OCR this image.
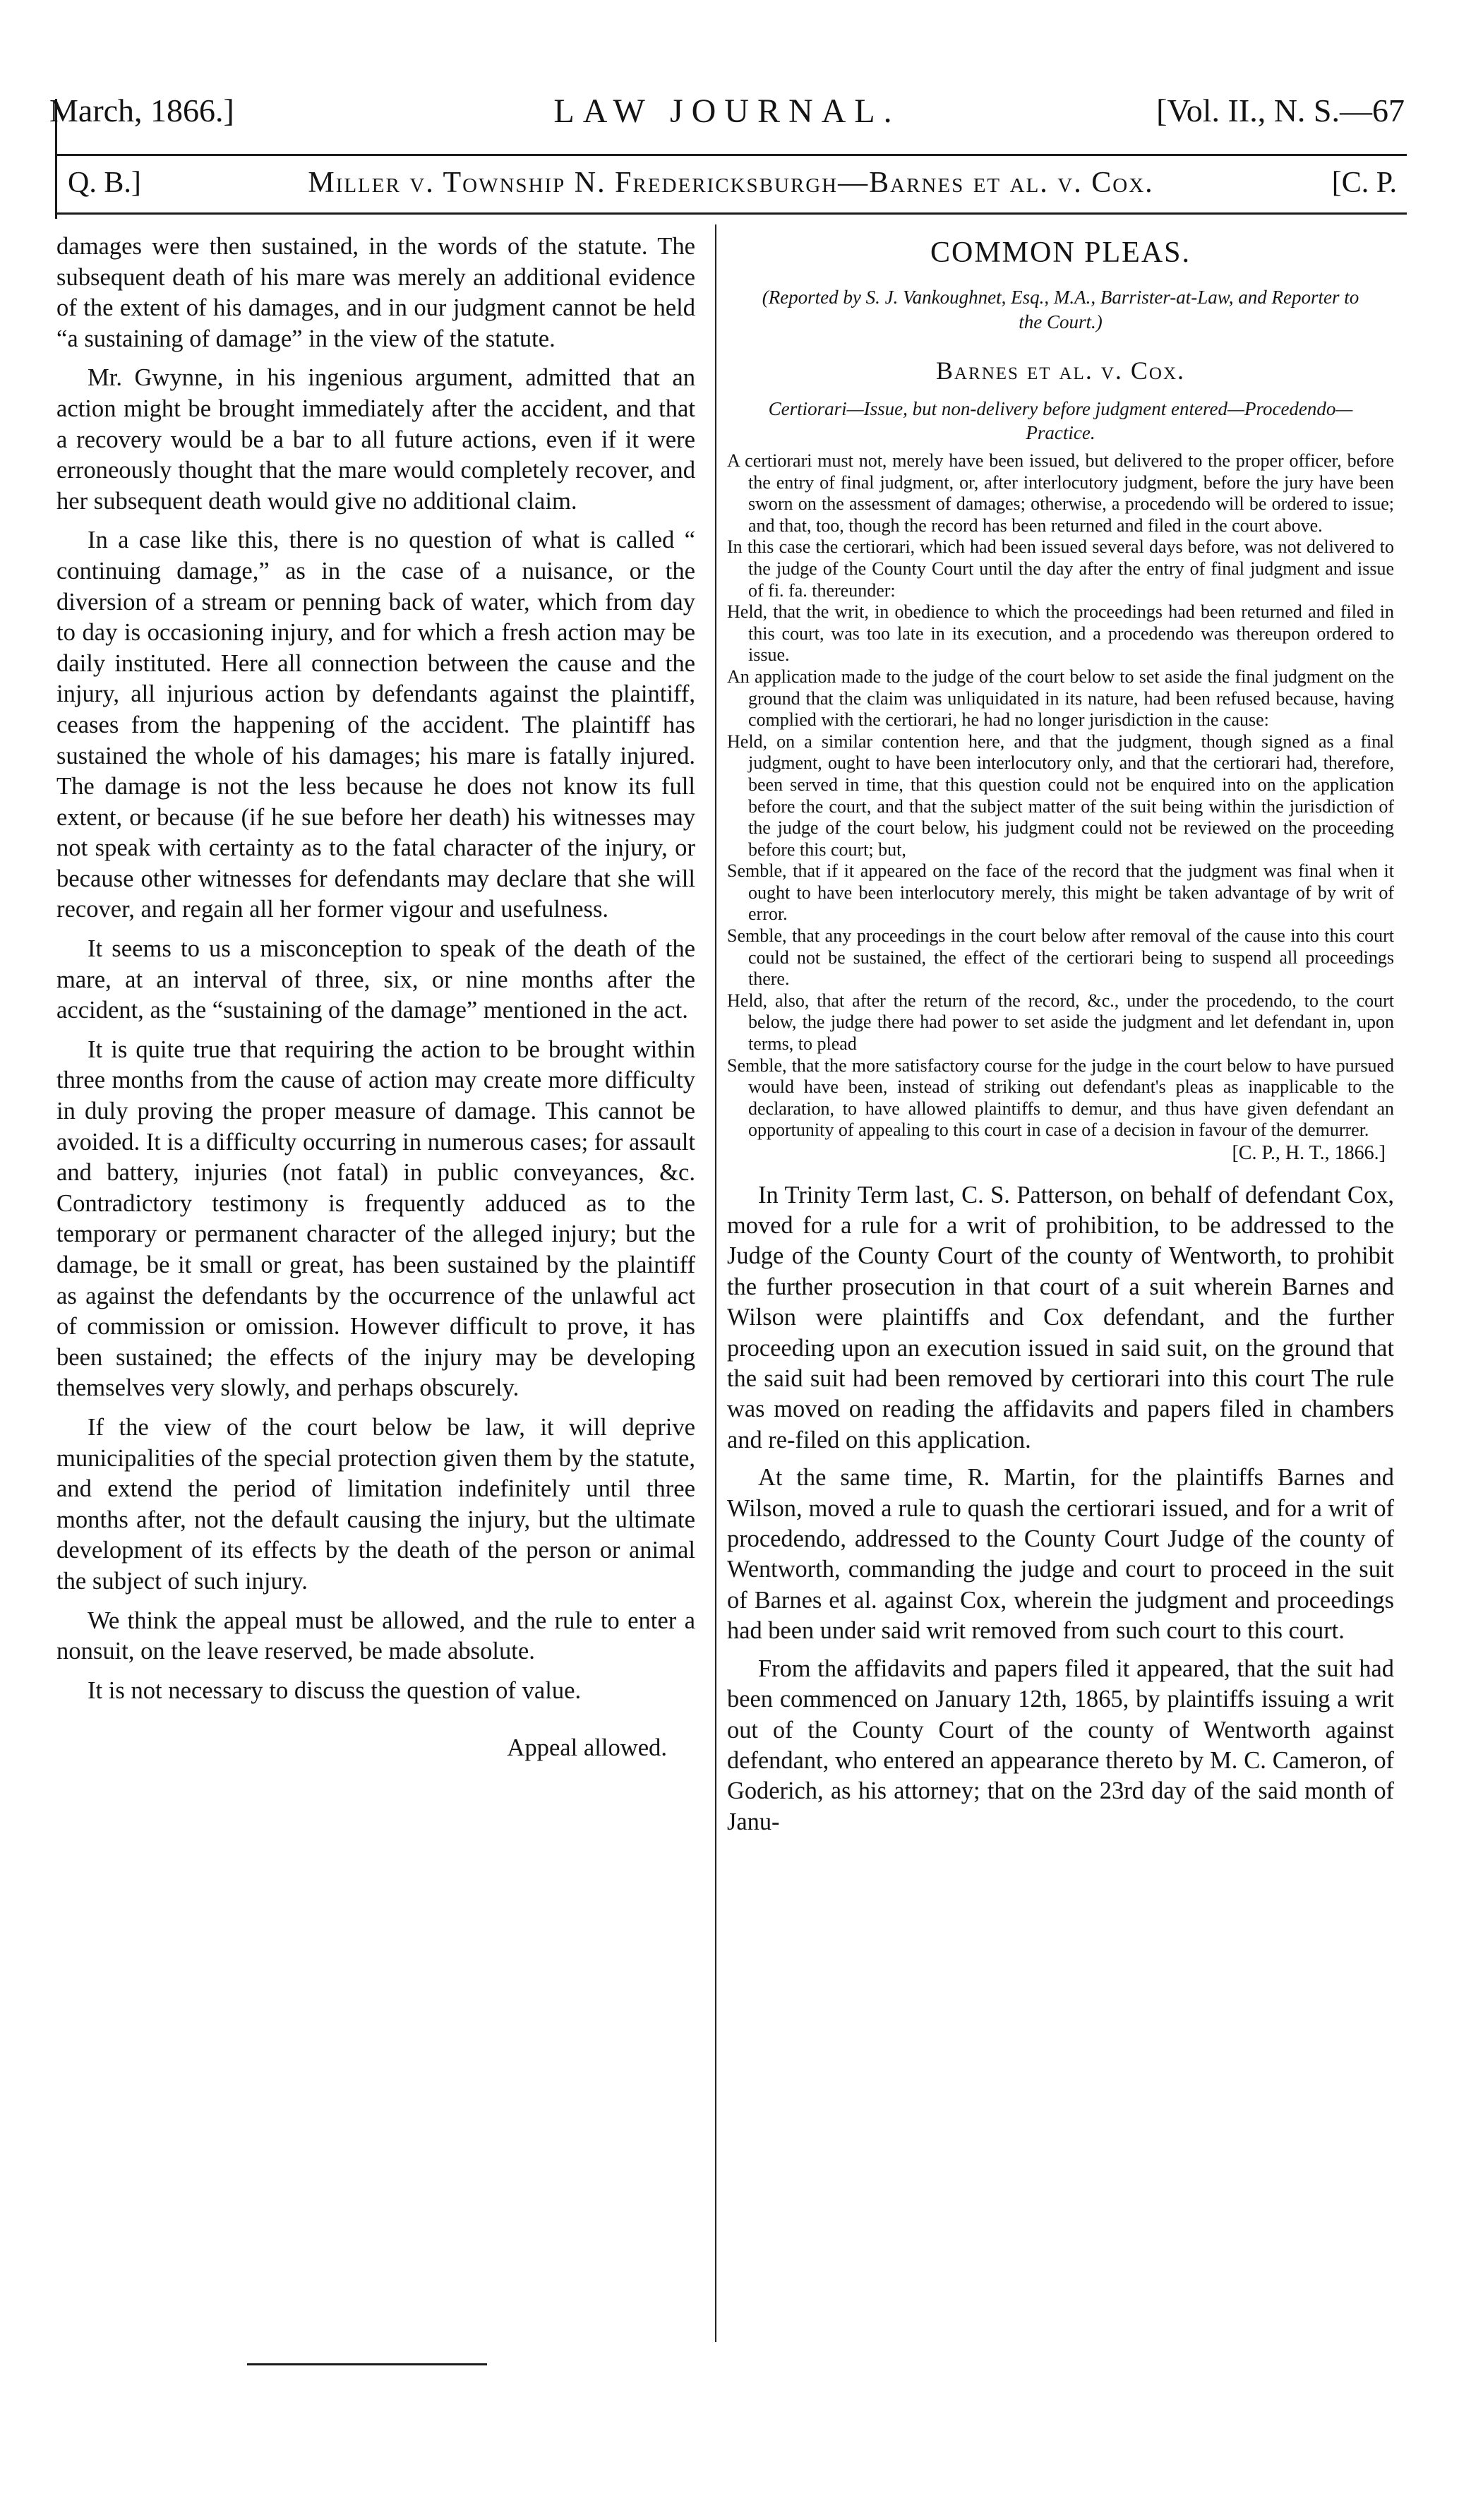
March, 1866.]	LAW JOURNAL.	[Vol. II., N. S.—67
Q. B.]	Miller v. Township N. Fredericksburgh—Barnes et al. v. Cox.	[C. P.

damages were then sustained, in the words of the statute. The subsequent death of his mare was merely an additional evidence of the extent of his damages, and in our judgment cannot be held “a sustaining of damage” in the view of the statute.

Mr. Gwynne, in his ingenious argument, admitted that an action might be brought immediately after the accident, and that a recovery would be a bar to all future actions, even if it were erroneously thought that the mare would completely recover, and her subsequent death would give no additional claim.

In a case like this, there is no question of what is called “ continuing damage,” as in the case of a nuisance, or the diversion of a stream or penning back of water, which from day to day is occasioning injury, and for which a fresh action may be daily instituted. Here all connection between the cause and the injury, all injurious action by defendants against the plaintiff, ceases from the happening of the accident. The plaintiff has sustained the whole of his damages; his mare is fatally injured. The damage is not the less because he does not know its full extent, or because (if he sue before her death) his witnesses may not speak with certainty as to the fatal character of the injury, or because other witnesses for defendants may declare that she will recover, and regain all her former vigour and usefulness.

It seems to us a misconception to speak of the death of the mare, at an interval of three, six, or nine months after the accident, as the “sustaining of the damage” mentioned in the act.

It is quite true that requiring the action to be brought within three months from the cause of action may create more difficulty in duly proving the proper measure of damage. This cannot be avoided. It is a difficulty occurring in numerous cases; for assault and battery, injuries (not fatal) in public conveyances, &c. Contradictory testimony is frequently adduced as to the temporary or permanent character of the alleged injury; but the damage, be it small or great, has been sustained by the plaintiff as against the defendants by the occurrence of the unlawful act of commission or omission. However difficult to prove, it has been sustained; the effects of the injury may be developing themselves very slowly, and perhaps obscurely.

If the view of the court below be law, it will deprive municipalities of the special protection given them by the statute, and extend the period of limitation indefinitely until three months after, not the default causing the injury, but the ultimate development of its effects by the death of the person or animal the subject of such injury.

We think the appeal must be allowed, and the rule to enter a nonsuit, on the leave reserved, be made absolute.

It is not necessary to discuss the question of value.

Appeal allowed.

COMMON PLEAS.
(Reported by S. J. Vankoughnet, Esq., M.A., Barrister-at-Law, and Reporter to the Court.)
Barnes et al. v. Cox.
Certiorari—Issue, but non-delivery before judgment entered—Procedendo—Practice.

A certiorari must not, merely have been issued, but delivered to the proper officer, before the entry of final judgment, or, after interlocutory judgment, before the jury have been sworn on the assessment of damages; otherwise, a procedendo will be ordered to issue; and that, too, though the record has been returned and filed in the court above.

In this case the certiorari, which had been issued several days before, was not delivered to the judge of the County Court until the day after the entry of final judgment and issue of fi. fa. thereunder:

Held, that the writ, in obedience to which the proceedings had been returned and filed in this court, was too late in its execution, and a procedendo was thereupon ordered to issue.

An application made to the judge of the court below to set aside the final judgment on the ground that the claim was unliquidated in its nature, had been refused because, having complied with the certiorari, he had no longer jurisdiction in the cause:

Held, on a similar contention here, and that the judgment, though signed as a final judgment, ought to have been interlocutory only, and that the certiorari had, therefore, been served in time, that this question could not be enquired into on the application before the court, and that the subject matter of the suit being within the jurisdiction of the judge of the court below, his judgment could not be reviewed on the proceeding before this court; but,

Semble, that if it appeared on the face of the record that the judgment was final when it ought to have been interlocutory merely, this might be taken advantage of by writ of error.

Semble, that any proceedings in the court below after removal of the cause into this court could not be sustained, the effect of the certiorari being to suspend all proceedings there.

Held, also, that after the return of the record, &c., under the procedendo, to the court below, the judge there had power to set aside the judgment and let defendant in, upon terms, to plead

Semble, that the more satisfactory course for the judge in the court below to have pursued would have been, instead of striking out defendant's pleas as inapplicable to the declaration, to have allowed plaintiffs to demur, and thus have given defendant an opportunity of appealing to this court in case of a decision in favour of the demurrer.

[C. P., H. T., 1866.]

In Trinity Term last, C. S. Patterson, on behalf of defendant Cox, moved for a rule for a writ of prohibition, to be addressed to the Judge of the County Court of the county of Wentworth, to prohibit the further prosecution in that court of a suit wherein Barnes and Wilson were plaintiffs and Cox defendant, and the further proceeding upon an execution issued in said suit, on the ground that the said suit had been removed by certiorari into this court The rule was moved on reading the affidavits and papers filed in chambers and re-filed on this application.

At the same time, R. Martin, for the plaintiffs Barnes and Wilson, moved a rule to quash the certiorari issued, and for a writ of procedendo, addressed to the County Court Judge of the county of Wentworth, commanding the judge and court to proceed in the suit of Barnes et al. against Cox, wherein the judgment and proceedings had been under said writ removed from such court to this court.

From the affidavits and papers filed it appeared, that the suit had been commenced on January 12th, 1865, by plaintiffs issuing a writ out of the County Court of the county of Wentworth against defendant, who entered an appearance thereto by M. C. Cameron, of Goderich, as his attorney; that on the 23rd day of the said month of Janu-
